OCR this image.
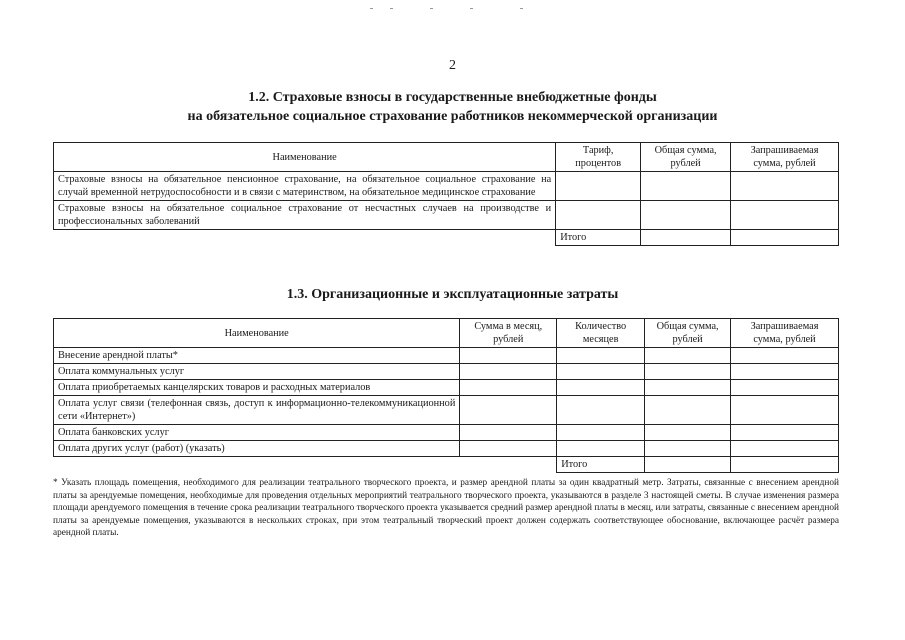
2
1.2. Страховые взносы в государственные внебюджетные фонды
на обязательное социальное страхование работников некоммерческой организации
Наименование	Тариф, процентов	Общая сумма, рублей	Запрашиваемая сумма, рублей
Страховые взносы на обязательное пенсионное страхование, на обязательное социальное страхование на случай временной нетрудоспособности и в связи с материнством, на обязательное медицинское страхование			
Страховые взносы на обязательное социальное страхование от несчастных случаев на производстве и профессиональных заболеваний			
	Итого		
1.3. Организационные и эксплуатационные затраты
Наименование	Сумма в месяц, рублей	Количество месяцев	Общая сумма, рублей	Запрашиваемая сумма, рублей
Внесение арендной платы*				
Оплата коммунальных услуг				
Оплата приобретаемых канцелярских товаров и расходных материалов				
Оплата услуг связи (телефонная связь, доступ к информационно-телекоммуникационной сети «Интернет»)				
Оплата банковских услуг				
Оплата других услуг (работ) (указать)				
		Итого		
* Указать площадь помещения, необходимого для реализации театрального творческого проекта, и размер арендной платы за один квадратный метр. Затраты, связанные с внесением арендной платы за арендуемые помещения, необходимые для проведения отдельных мероприятий театрального творческого проекта, указываются в разделе 3 настоящей сметы. В случае изменения размера площади арендуемого помещения в течение срока реализации театрального творческого проекта указывается средний размер арендной платы в месяц, или затраты, связанные с внесением арендной платы за арендуемые помещения, указываются в нескольких строках, при этом театральный творческий проект должен содержать соответствующее обоснование, включающее расчёт размера арендной платы.
